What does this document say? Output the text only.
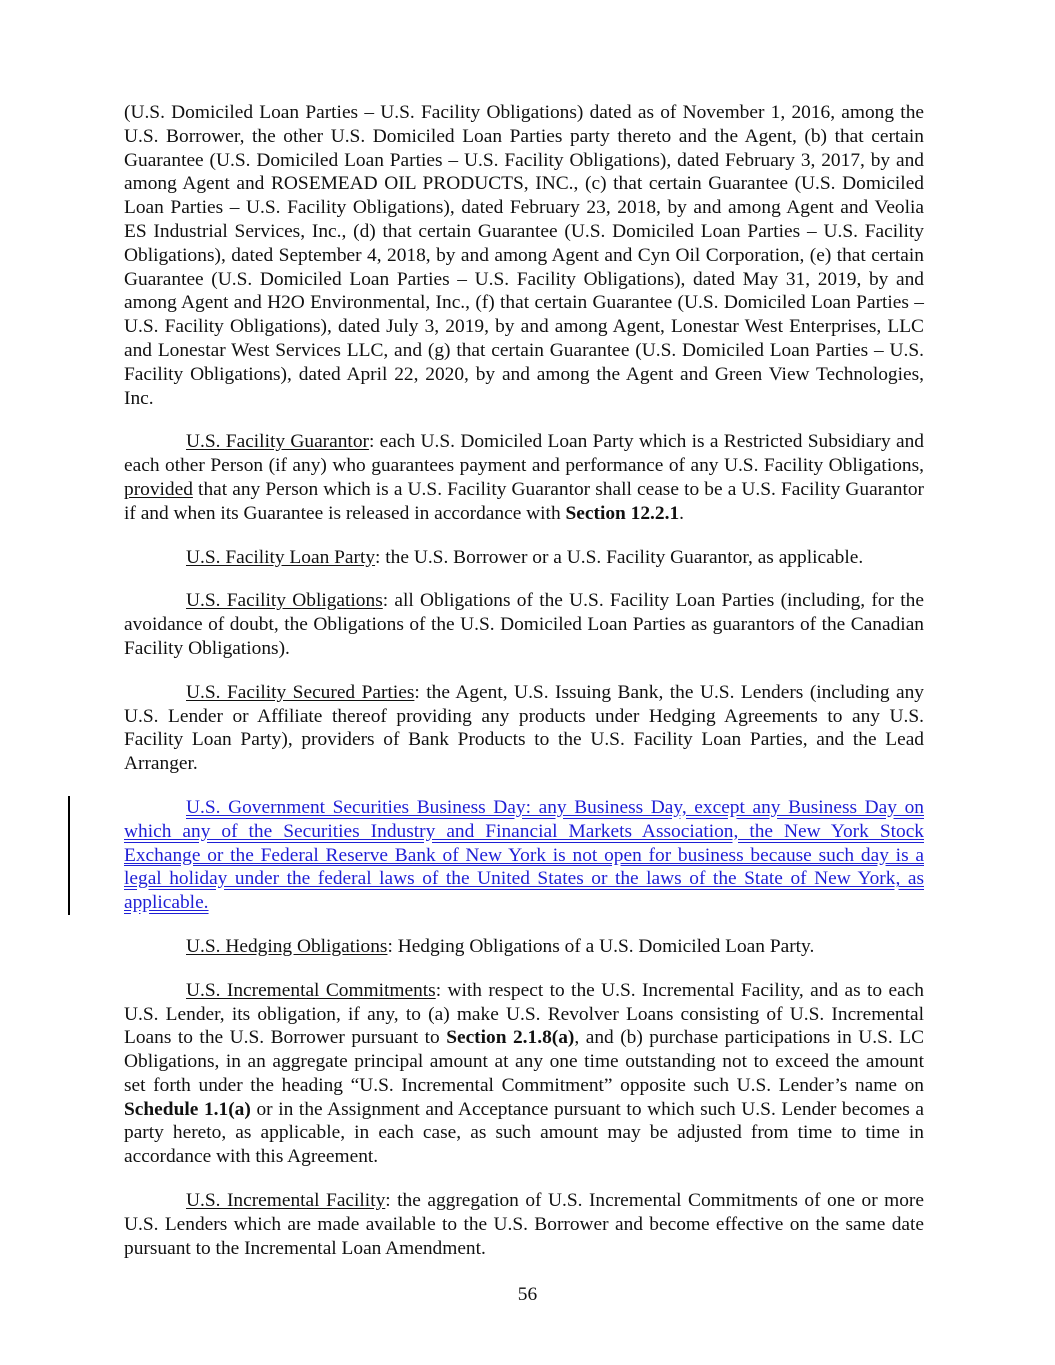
(U.S. Domiciled Loan Parties – U.S. Facility Obligations) dated as of November 1, 2016, among the U.S. Borrower, the other U.S. Domiciled Loan Parties party thereto and the Agent, (b) that certain Guarantee (U.S. Domiciled Loan Parties – U.S. Facility Obligations), dated February 3, 2017, by and among Agent and ROSEMEAD OIL PRODUCTS, INC., (c) that certain Guarantee (U.S. Domiciled Loan Parties – U.S. Facility Obligations), dated February 23, 2018, by and among Agent and Veolia ES Industrial Services, Inc., (d) that certain Guarantee (U.S. Domiciled Loan Parties – U.S. Facility Obligations), dated September 4, 2018, by and among Agent and Cyn Oil Corporation, (e) that certain Guarantee (U.S. Domiciled Loan Parties – U.S. Facility Obligations), dated May 31, 2019, by and among Agent and H2O Environmental, Inc., (f) that certain Guarantee (U.S. Domiciled Loan Parties – U.S. Facility Obligations), dated July 3, 2019, by and among Agent, Lonestar West Enterprises, LLC and Lonestar West Services LLC, and (g) that certain Guarantee (U.S. Domiciled Loan Parties – U.S. Facility Obligations), dated April 22, 2020, by and among the Agent and Green View Technologies, Inc.

U.S. Facility Guarantor: each U.S. Domiciled Loan Party which is a Restricted Subsidiary and each other Person (if any) who guarantees payment and performance of any U.S. Facility Obligations, provided that any Person which is a U.S. Facility Guarantor shall cease to be a U.S. Facility Guarantor if and when its Guarantee is released in accordance with Section 12.2.1.

U.S. Facility Loan Party: the U.S. Borrower or a U.S. Facility Guarantor, as applicable.

U.S. Facility Obligations: all Obligations of the U.S. Facility Loan Parties (including, for the avoidance of doubt, the Obligations of the U.S. Domiciled Loan Parties as guarantors of the Canadian Facility Obligations).

U.S. Facility Secured Parties: the Agent, U.S. Issuing Bank, the U.S. Lenders (including any U.S. Lender or Affiliate thereof providing any products under Hedging Agreements to any U.S. Facility Loan Party), providers of Bank Products to the U.S. Facility Loan Parties, and the Lead Arranger.

U.S. Government Securities Business Day: any Business Day, except any Business Day on which any of the Securities Industry and Financial Markets Association, the New York Stock Exchange or the Federal Reserve Bank of New York is not open for business because such day is a legal holiday under the federal laws of the United States or the laws of the State of New York, as applicable.

U.S. Hedging Obligations: Hedging Obligations of a U.S. Domiciled Loan Party.

U.S. Incremental Commitments: with respect to the U.S. Incremental Facility, and as to each U.S. Lender, its obligation, if any, to (a) make U.S. Revolver Loans consisting of U.S. Incremental Loans to the U.S. Borrower pursuant to Section 2.1.8(a), and (b) purchase participations in U.S. LC Obligations, in an aggregate principal amount at any one time outstanding not to exceed the amount set forth under the heading “U.S. Incremental Commitment” opposite such U.S. Lender’s name on Schedule 1.1(a) or in the Assignment and Acceptance pursuant to which such U.S. Lender becomes a party hereto, as applicable, in each case, as such amount may be adjusted from time to time in accordance with this Agreement.

U.S. Incremental Facility: the aggregation of U.S. Incremental Commitments of one or more U.S. Lenders which are made available to the U.S. Borrower and become effective on the same date pursuant to the Incremental Loan Amendment.

56
